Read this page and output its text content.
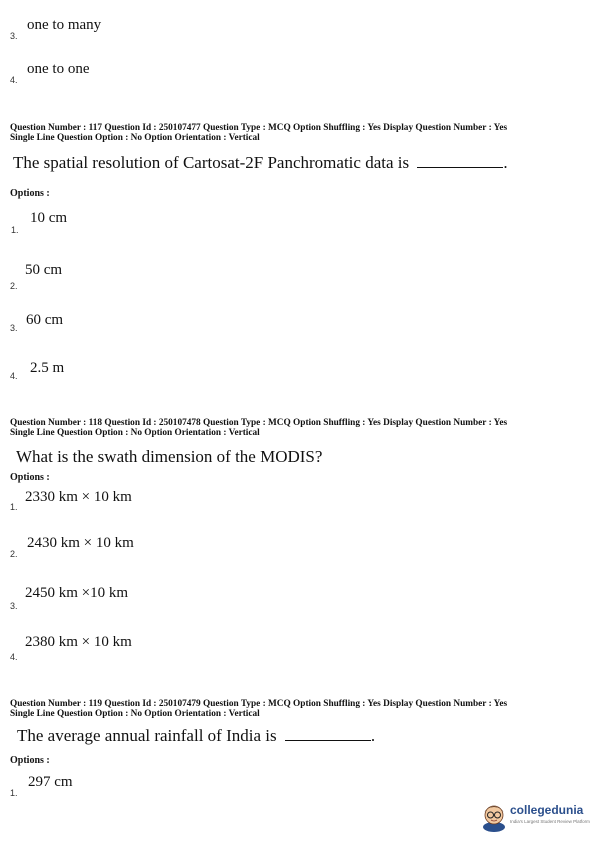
one to many
3.
one to one
4.
Question Number : 117 Question Id : 250107477 Question Type : MCQ Option Shuffling : Yes Display Question Number : Yes
Single Line Question Option : No Option Orientation : Vertical
The spatial resolution of Cartosat-2F Panchromatic data is	.
Options :
10 cm
1.
50 cm
2.
60 cm
3.
2.5 m
4.
Question Number : 118 Question Id : 250107478 Question Type : MCQ Option Shuffling : Yes Display Question Number : Yes
Single Line Question Option : No Option Orientation : Vertical
What is the swath dimension of the MODIS?
Options :
2330 km × 10 km
1.
2430 km × 10 km
2.
2450 km ×10 km
3.
2380 km × 10 km
4.
Question Number : 119 Question Id : 250107479 Question Type : MCQ Option Shuffling : Yes Display Question Number : Yes
Single Line Question Option : No Option Orientation : Vertical
The average annual rainfall of India is	.
Options :
297 cm
1.
collegedunia
India's Largest Student Review Platform
